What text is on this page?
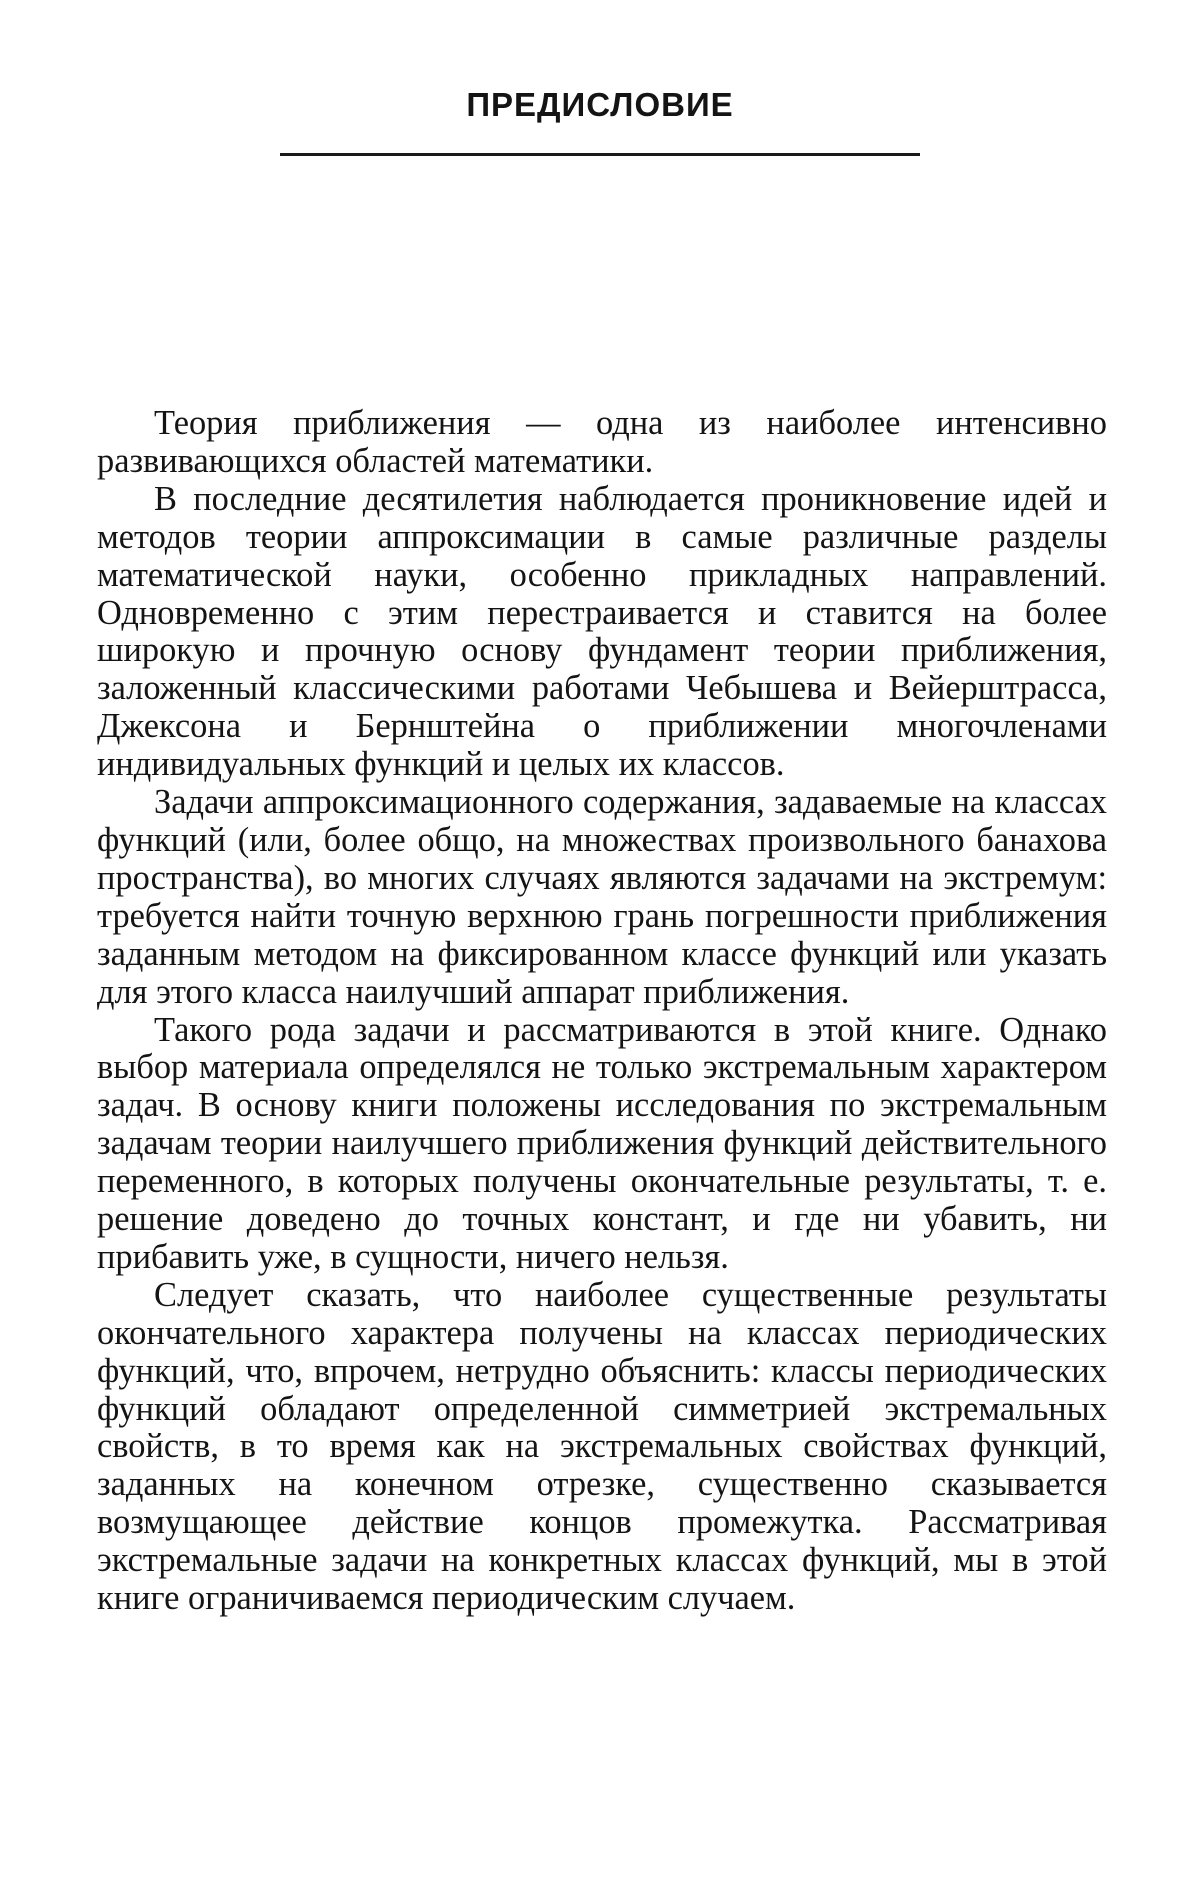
ПРЕДИСЛОВИЕ

Теория приближения — одна из наиболее интенсивно развивающихся областей математики.

В последние десятилетия наблюдается проникновение идей и методов теории аппроксимации в самые различные разделы математической науки, особенно прикладных направлений. Одновременно с этим перестраивается и ставится на более широкую и прочную основу фундамент теории приближения, заложенный классическими работами Чебышева и Вейерштрасса, Джексона и Бернштейна о приближении многочленами индивидуальных функций и целых их классов.

Задачи аппроксимационного содержания, задаваемые на классах функций (или, более общо, на множествах произвольного банахова пространства), во многих случаях являются задачами на экстремум: требуется найти точную верхнюю грань погрешности приближения заданным методом на фиксированном классе функций или указать для этого класса наилучший аппарат приближения.

Такого рода задачи и рассматриваются в этой книге. Однако выбор материала определялся не только экстремальным характером задач. В основу книги положены исследования по экстремальным задачам теории наилучшего приближения функций действительного переменного, в которых получены окончательные результаты, т. е. решение доведено до точных констант, и где ни убавить, ни прибавить уже, в сущности, ничего нельзя.

Следует сказать, что наиболее существенные результаты окончательного характера получены на классах периодических функций, что, впрочем, нетрудно объяснить: классы периодических функций обладают определенной симметрией экстремальных свойств, в то время как на экстремальных свойствах функций, заданных на конечном отрезке, существенно сказывается возмущающее действие концов промежутка. Рассматривая экстремальные задачи на конкретных классах функций, мы в этой книге ограничиваемся периодическим случаем.
